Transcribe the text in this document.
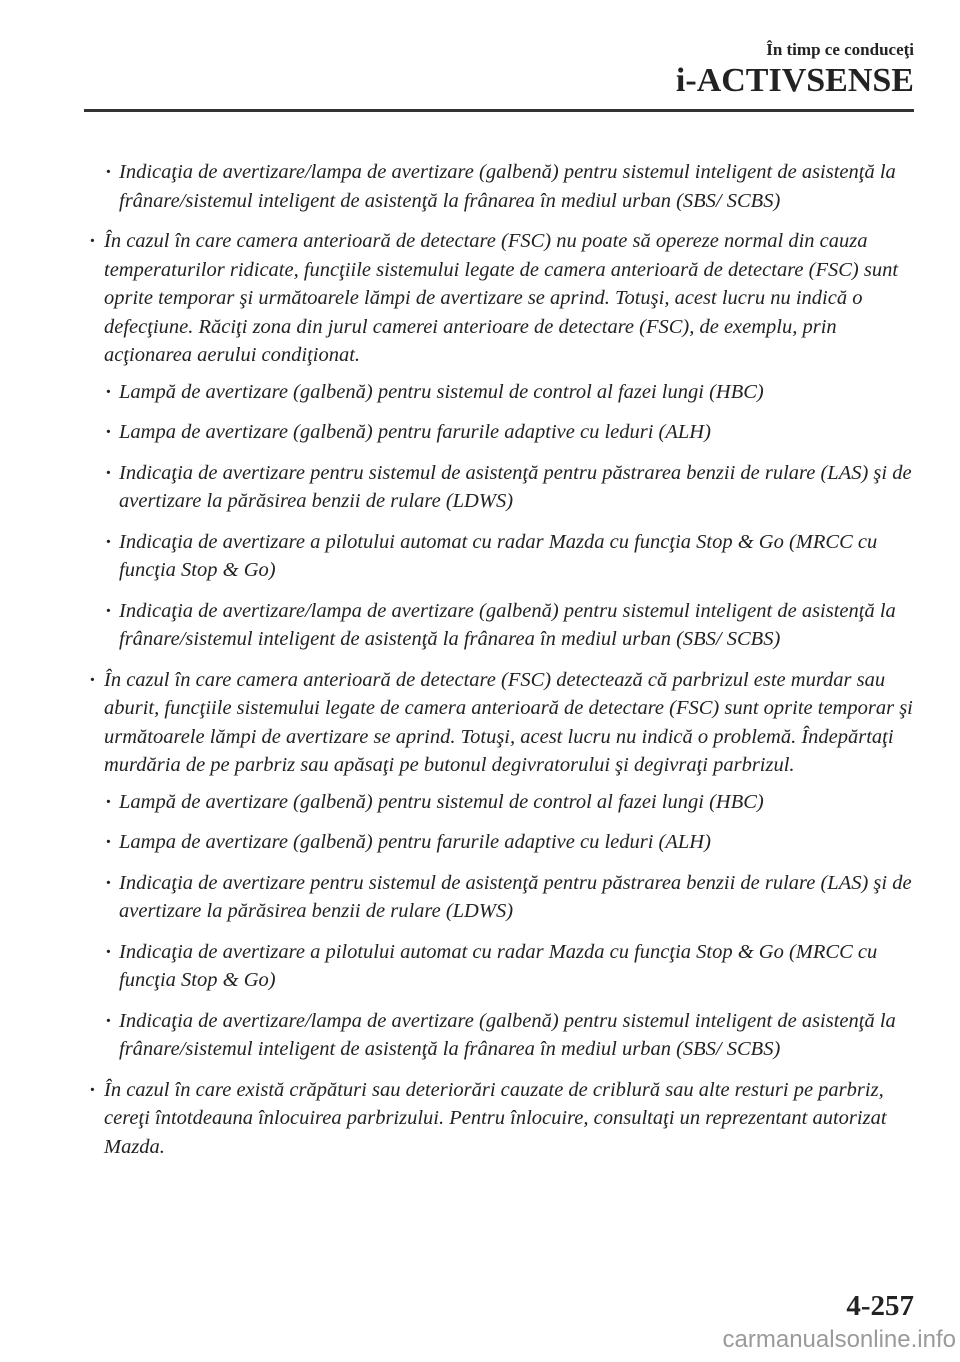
În timp ce conduceţi
i-ACTIVSENSE
· Indicaţia de avertizare/lampa de avertizare (galbenă) pentru sistemul inteligent de asistenţă la frânare/sistemul inteligent de asistenţă la frânarea în mediul urban (SBS/ SCBS)
· În cazul în care camera anterioară de detectare (FSC) nu poate să opereze normal din cauza temperaturilor ridicate, funcţiile sistemului legate de camera anterioară de detectare (FSC) sunt oprite temporar şi următoarele lămpi de avertizare se aprind. Totuşi, acest lucru nu indică o defecţiune. Răciţi zona din jurul camerei anterioare de detectare (FSC), de exemplu, prin acţionarea aerului condiţionat.
· Lampă de avertizare (galbenă) pentru sistemul de control al fazei lungi (HBC)
· Lampa de avertizare (galbenă) pentru farurile adaptive cu leduri (ALH)
· Indicaţia de avertizare pentru sistemul de asistenţă pentru păstrarea benzii de rulare (LAS) şi de avertizare la părăsirea benzii de rulare (LDWS)
· Indicaţia de avertizare a pilotului automat cu radar Mazda cu funcţia Stop & Go (MRCC cu funcţia Stop & Go)
· Indicaţia de avertizare/lampa de avertizare (galbenă) pentru sistemul inteligent de asistenţă la frânare/sistemul inteligent de asistenţă la frânarea în mediul urban (SBS/ SCBS)
· În cazul în care camera anterioară de detectare (FSC) detectează că parbrizul este murdar sau aburit, funcţiile sistemului legate de camera anterioară de detectare (FSC) sunt oprite temporar şi următoarele lămpi de avertizare se aprind. Totuşi, acest lucru nu indică o problemă. Îndepărtaţi murdăria de pe parbriz sau apăsaţi pe butonul degivratorului şi degivraţi parbrizul.
· Lampă de avertizare (galbenă) pentru sistemul de control al fazei lungi (HBC)
· Lampa de avertizare (galbenă) pentru farurile adaptive cu leduri (ALH)
· Indicaţia de avertizare pentru sistemul de asistenţă pentru păstrarea benzii de rulare (LAS) şi de avertizare la părăsirea benzii de rulare (LDWS)
· Indicaţia de avertizare a pilotului automat cu radar Mazda cu funcţia Stop & Go (MRCC cu funcţia Stop & Go)
· Indicaţia de avertizare/lampa de avertizare (galbenă) pentru sistemul inteligent de asistenţă la frânare/sistemul inteligent de asistenţă la frânarea în mediul urban (SBS/ SCBS)
· În cazul în care există crăpături sau deteriorări cauzate de criblură sau alte resturi pe parbriz, cereţi întotdeauna înlocuirea parbrizului. Pentru înlocuire, consultaţi un reprezentant autorizat Mazda.
4-257
carmanualsonline.info
